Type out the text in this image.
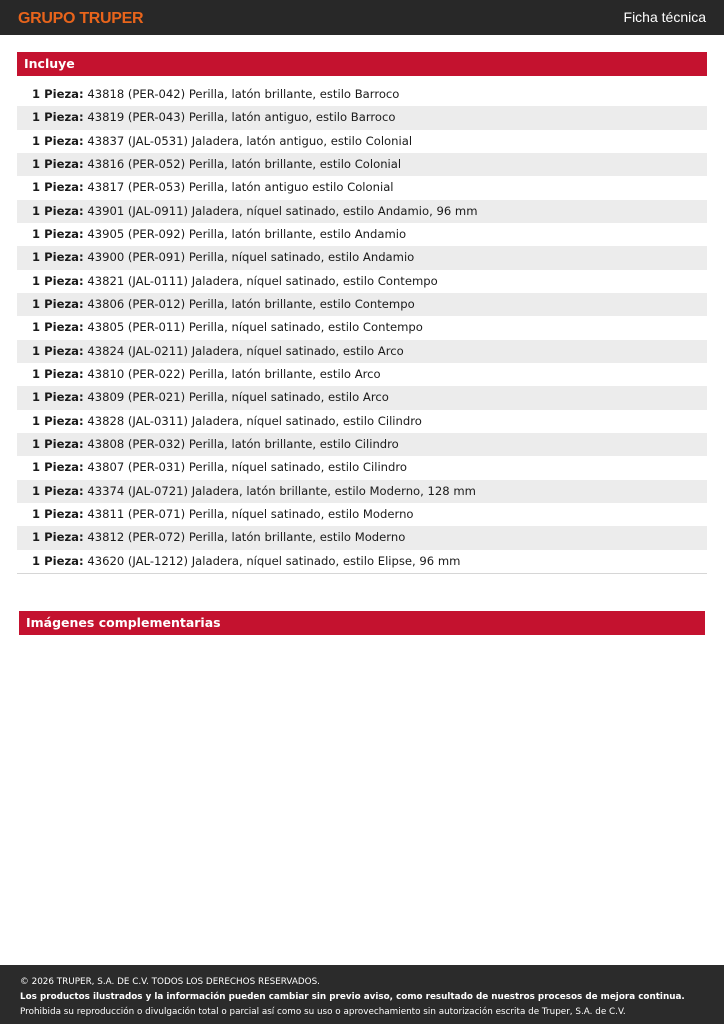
GRUPO TRUPER	Ficha técnica
Incluye
1 Pieza: 43818 (PER-042) Perilla, latón brillante, estilo Barroco
1 Pieza: 43819 (PER-043) Perilla, latón antiguo, estilo Barroco
1 Pieza: 43837 (JAL-0531) Jaladera, latón antiguo, estilo Colonial
1 Pieza: 43816 (PER-052) Perilla, latón brillante, estilo Colonial
1 Pieza: 43817 (PER-053) Perilla, latón antiguo estilo Colonial
1 Pieza: 43901 (JAL-0911) Jaladera, níquel satinado, estilo Andamio, 96 mm
1 Pieza: 43905 (PER-092) Perilla, latón brillante, estilo Andamio
1 Pieza: 43900 (PER-091) Perilla, níquel satinado, estilo Andamio
1 Pieza: 43821 (JAL-0111) Jaladera, níquel satinado, estilo Contempo
1 Pieza: 43806 (PER-012) Perilla, latón brillante, estilo Contempo
1 Pieza: 43805 (PER-011) Perilla, níquel satinado, estilo Contempo
1 Pieza: 43824 (JAL-0211) Jaladera, níquel satinado, estilo Arco
1 Pieza: 43810 (PER-022) Perilla, latón brillante, estilo Arco
1 Pieza: 43809 (PER-021) Perilla, níquel satinado, estilo Arco
1 Pieza: 43828 (JAL-0311) Jaladera, níquel satinado, estilo Cilindro
1 Pieza: 43808 (PER-032) Perilla, latón brillante, estilo Cilindro
1 Pieza: 43807 (PER-031) Perilla, níquel satinado, estilo Cilindro
1 Pieza: 43374 (JAL-0721) Jaladera, latón brillante, estilo Moderno, 128 mm
1 Pieza: 43811 (PER-071) Perilla, níquel satinado, estilo Moderno
1 Pieza: 43812 (PER-072) Perilla, latón brillante, estilo Moderno
1 Pieza: 43620 (JAL-1212) Jaladera, níquel satinado, estilo Elipse, 96 mm
Imágenes complementarias
© 2026 TRUPER, S.A. DE C.V. TODOS LOS DERECHOS RESERVADOS.
Los productos ilustrados y la información pueden cambiar sin previo aviso, como resultado de nuestros procesos de mejora continua.
Prohibida su reproducción o divulgación total o parcial así como su uso o aprovechamiento sin autorización escrita de Truper, S.A. de C.V.
